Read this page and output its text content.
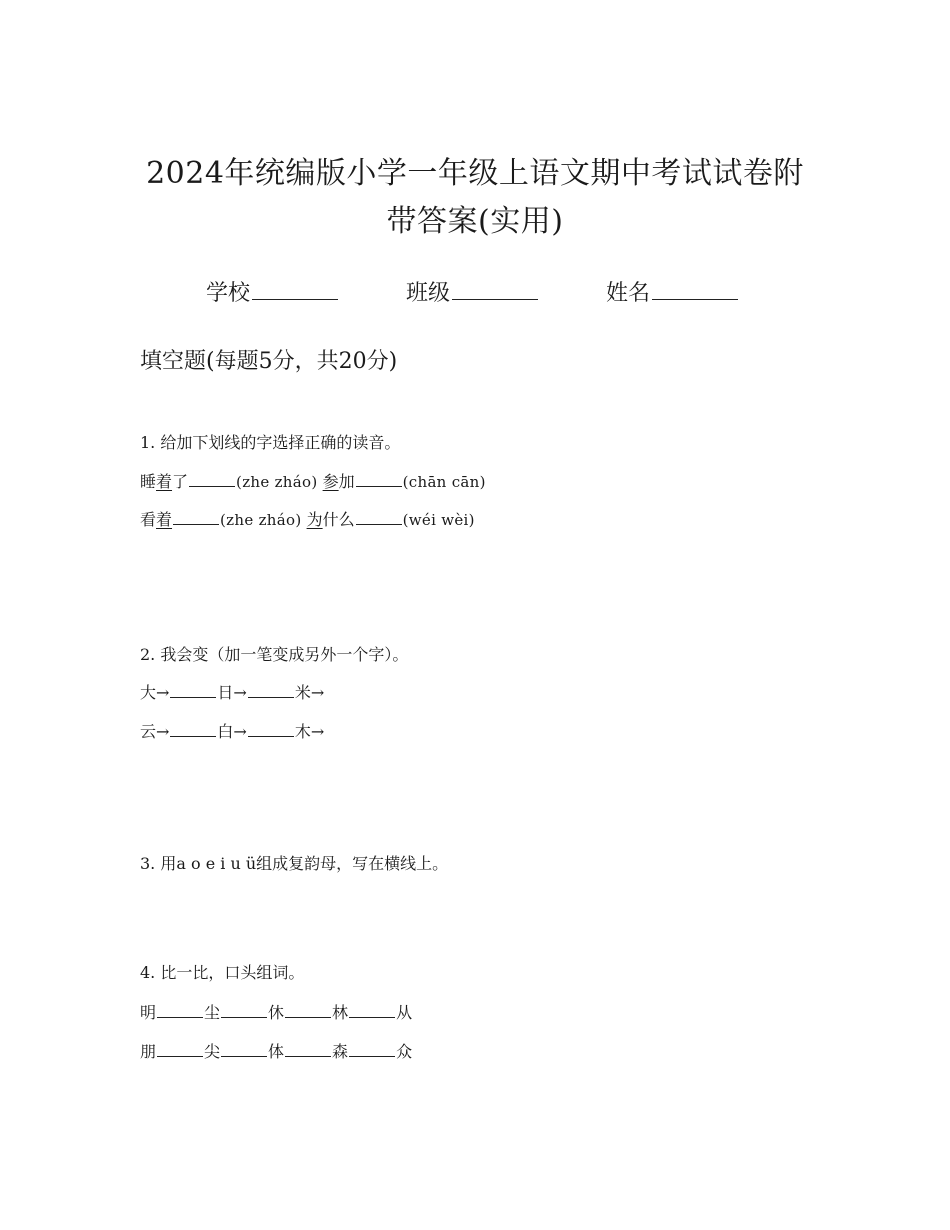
2024年统编版小学一年级上语文期中考试试卷附
带答案(实用)
学校	班级	姓名
填空题(每题5分，共20分)
1. 给加下划线的字选择正确的读音。
睡着了	(zhe zháo) 参加	(chān cān)
看着	(zhe zháo) 为什么	(wéi wèi)
2. 我会变（加一笔变成另外一个字）。
大→	日→	米→
云→	白→	木→
3. 用a o e i u ü组成复韵母，写在横线上。
4. 比一比，口头组词。
明	尘	休	林	从
朋	尖	体	森	众
